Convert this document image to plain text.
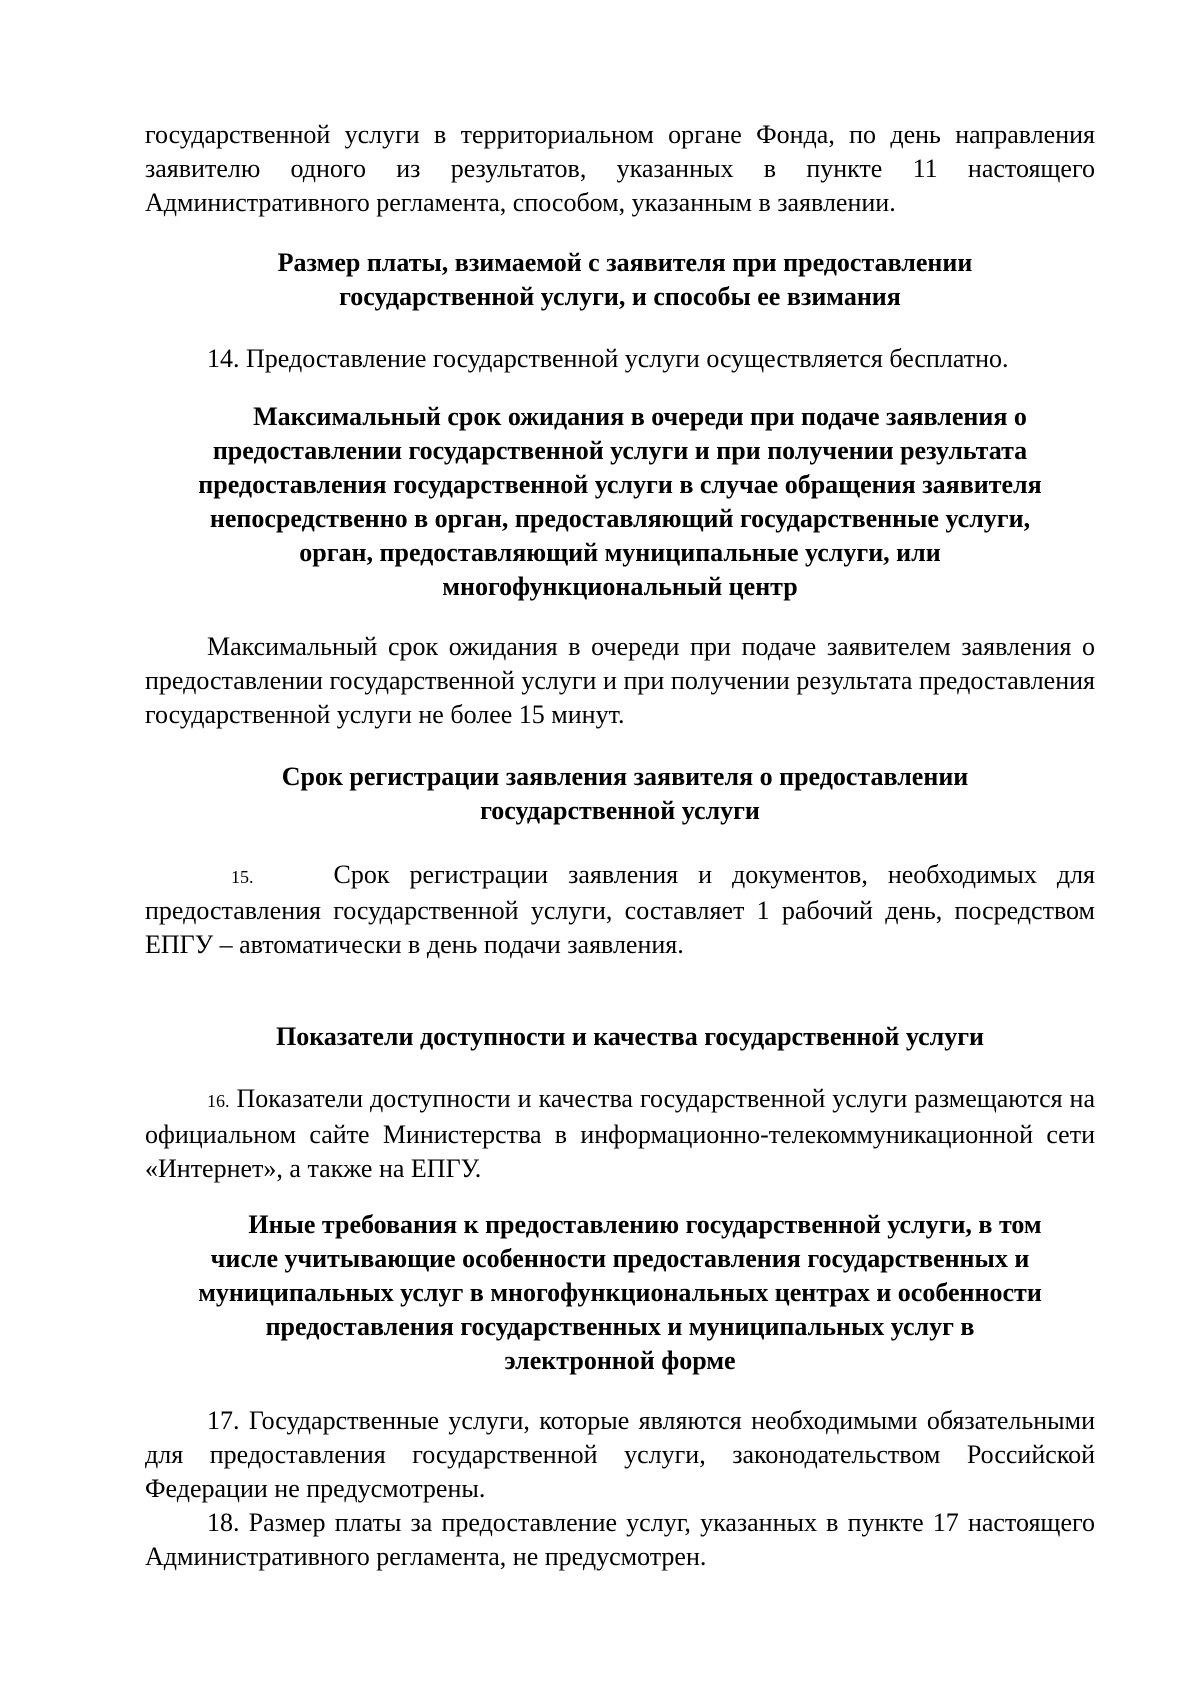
государственной услуги в территориальном органе Фонда, по день направления заявителю одного из результатов, указанных в пункте 11 настоящего Административного регламента, способом, указанным в заявлении.

Размер платы, взимаемой с заявителя при предоставлении
государственной услуги, и способы ее взимания

14. Предоставление государственной услуги осуществляется бесплатно.

Максимальный срок ожидания в очереди при подаче заявления о
предоставлении государственной услуги и при получении результата
предоставления государственной услуги в случае обращения заявителя
непосредственно в орган, предоставляющий государственные услуги,
орган, предоставляющий муниципальные услуги, или
многофункциональный центр

Максимальный срок ожидания в очереди при подаче заявителем заявления о предоставлении государственной услуги и при получении результата предоставления государственной услуги не более 15 минут.

Срок регистрации заявления заявителя о предоставлении
государственной услуги

15.	Срок регистрации заявления и документов, необходимых для предоставления государственной услуги, составляет 1 рабочий день, посредством ЕПГУ – автоматически в день подачи заявления.

Показатели доступности и качества государственной услуги

16. Показатели доступности и качества государственной услуги размещаются на официальном сайте Министерства в информационно-телекоммуникационной сети «Интернет», а также на ЕПГУ.

Иные требования к предоставлению государственной услуги, в том
числе учитывающие особенности предоставления государственных и
муниципальных услуг в многофункциональных центрах и особенности
предоставления государственных и муниципальных услуг в
электронной форме

17. Государственные услуги, которые являются необходимыми обязательными для предоставления государственной услуги, законодательством Российской Федерации не предусмотрены.

18. Размер платы за предоставление услуг, указанных в пункте 17 настоящего Административного регламента, не предусмотрен.
